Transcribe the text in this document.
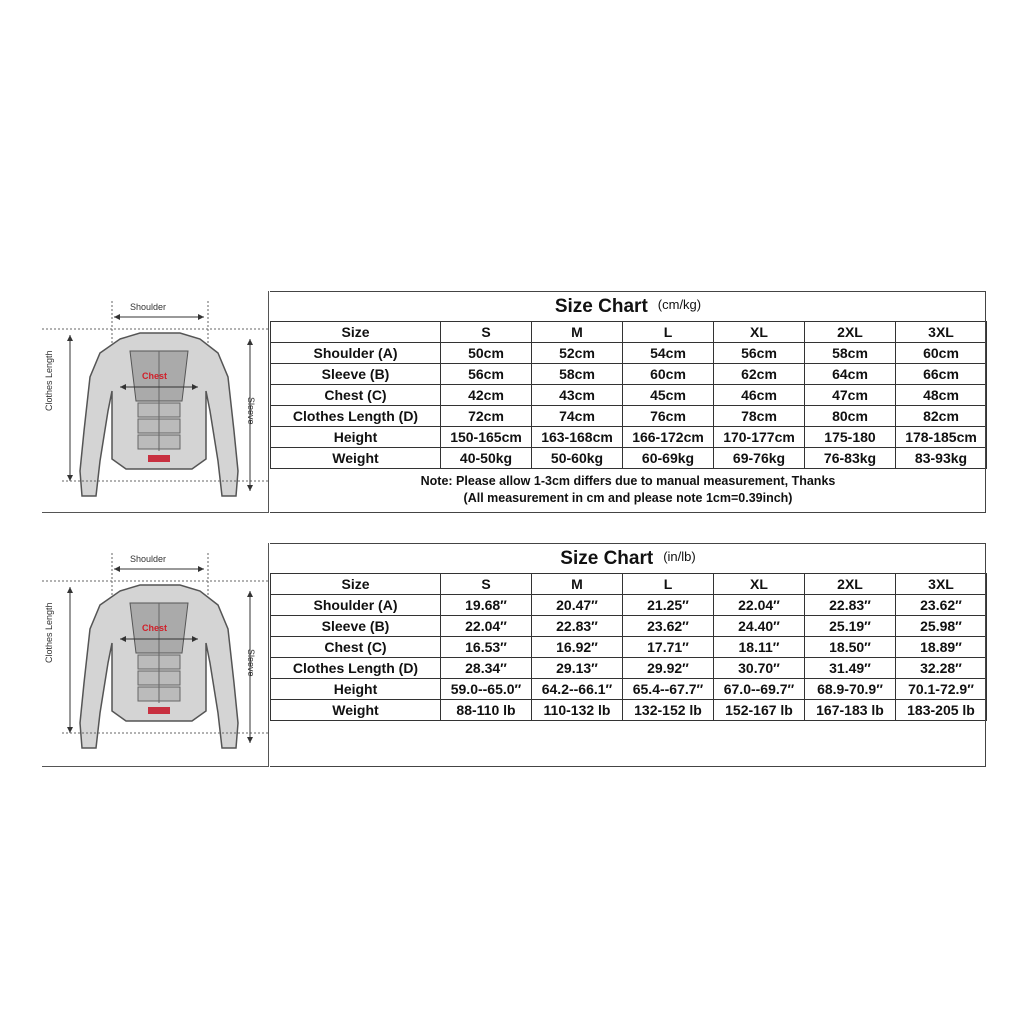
Shoulder
Clothes Length	Sleeve
Chest
Size Chart (cm/kg)
Size	S	M	L	XL	2XL	3XL
Shoulder (A)	50cm	52cm	54cm	56cm	58cm	60cm
Sleeve (B)	56cm	58cm	60cm	62cm	64cm	66cm
Chest (C)	42cm	43cm	45cm	46cm	47cm	48cm
Clothes Length (D)	72cm	74cm	76cm	78cm	80cm	82cm
Height	150-165cm	163-168cm	166-172cm	170-177cm	175-180	178-185cm
Weight	40-50kg	50-60kg	60-69kg	69-76kg	76-83kg	83-93kg
Note: Please allow 1-3cm differs due to manual measurement, Thanks
(All measurement in cm and please note 1cm=0.39inch)
Shoulder
Clothes Length	Sleeve
Chest
Size Chart (in/lb)
Size	S	M	L	XL	2XL	3XL
Shoulder (A)	19.68″	20.47″	21.25″	22.04″	22.83″	23.62″
Sleeve (B)	22.04″	22.83″	23.62″	24.40″	25.19″	25.98″
Chest (C)	16.53″	16.92″	17.71″	18.11″	18.50″	18.89″
Clothes Length (D)	28.34″	29.13″	29.92″	30.70″	31.49″	32.28″
Height	59.0--65.0″	64.2--66.1″	65.4--67.7″	67.0--69.7″	68.9-70.9″	70.1-72.9″
Weight	88-110 lb	110-132 lb	132-152 lb	152-167 lb	167-183 lb	183-205 lb
